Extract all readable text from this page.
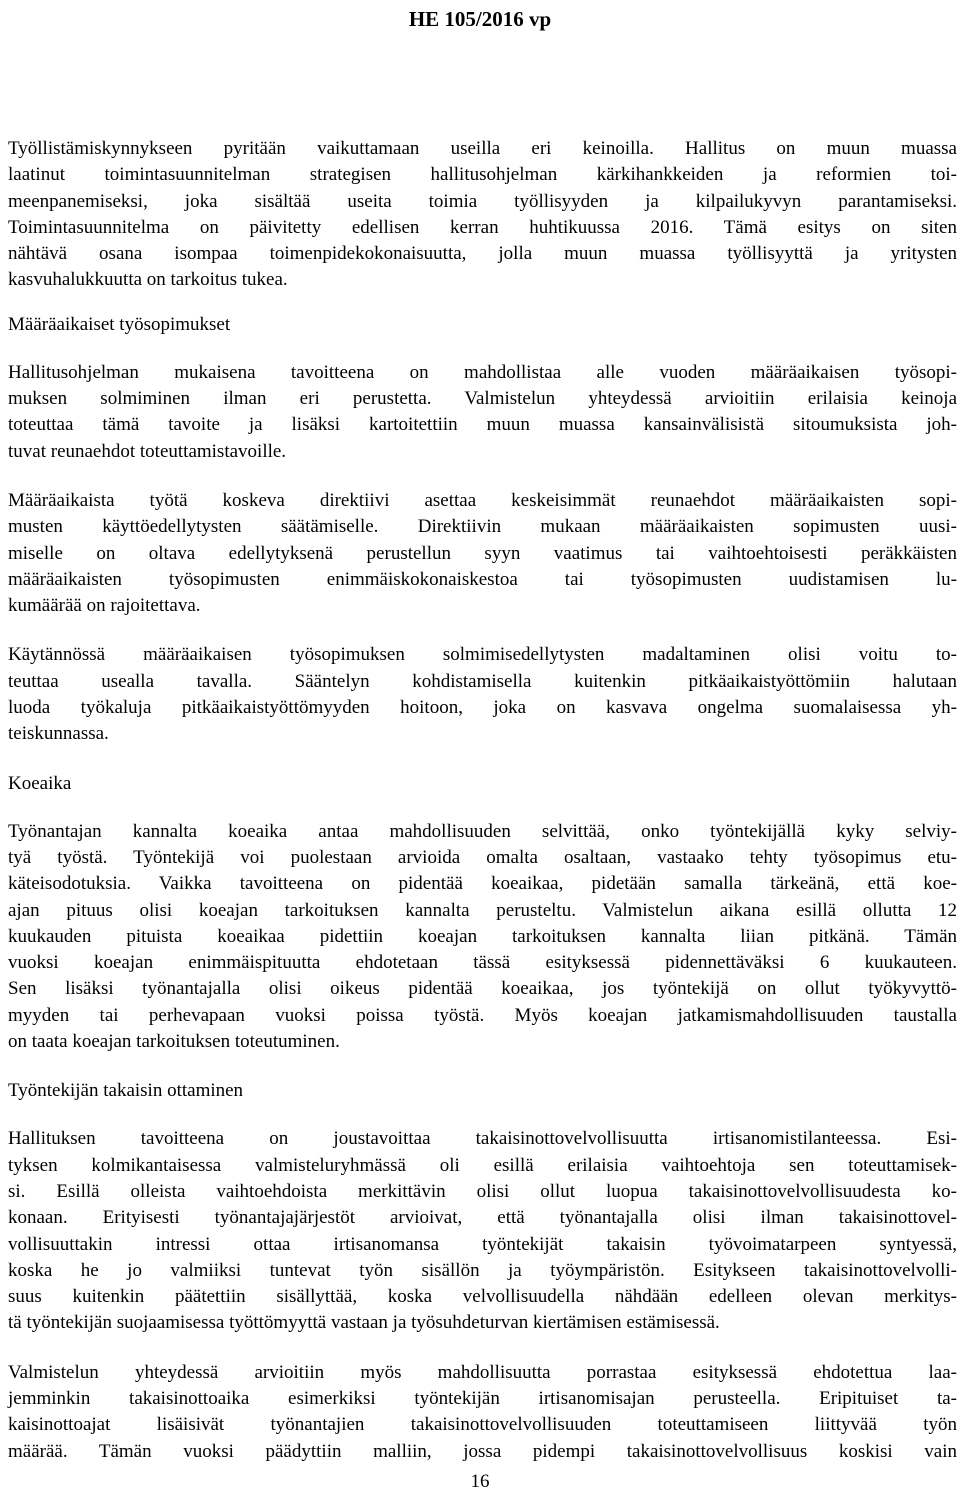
HE 105/2016 vp
Työllistämiskynnykseen pyritään vaikuttamaan useilla eri keinoilla. Hallitus on muun muassa
laatinut toimintasuunnitelman strategisen hallitusohjelman kärkihankkeiden ja reformien toi-
meenpanemiseksi, joka sisältää useita toimia työllisyyden ja kilpailukyvyn parantamiseksi.
Toimintasuunnitelma on päivitetty edellisen kerran huhtikuussa 2016. Tämä esitys on siten
nähtävä osana isompaa toimenpidekokonaisuutta, jolla muun muassa työllisyyttä ja yritysten
kasvuhalukkuutta on tarkoitus tukea.
Määräaikaiset työsopimukset
Hallitusohjelman mukaisena tavoitteena on mahdollistaa alle vuoden määräaikaisen työsopi-
muksen solmiminen ilman eri perustetta. Valmistelun yhteydessä arvioitiin erilaisia keinoja
toteuttaa tämä tavoite ja lisäksi kartoitettiin muun muassa kansainvälisistä sitoumuksista joh-
tuvat reunaehdot toteuttamistavoille.
Määräaikaista työtä koskeva direktiivi asettaa keskeisimmät reunaehdot määräaikaisten sopi-
musten käyttöedellytysten säätämiselle. Direktiivin mukaan määräaikaisten sopimusten uusi-
miselle on oltava edellytyksenä perustellun syyn vaatimus tai vaihtoehtoisesti peräkkäisten
määräaikaisten työsopimusten enimmäiskokonaiskestoa tai työsopimusten uudistamisen lu-
kumäärää on rajoitettava.
Käytännössä määräaikaisen työsopimuksen solmimisedellytysten madaltaminen olisi voitu to-
teuttaa usealla tavalla. Sääntelyn kohdistamisella kuitenkin pitkäaikaistyöttömiin halutaan
luoda työkaluja pitkäaikaistyöttömyyden hoitoon, joka on kasvava ongelma suomalaisessa yh-
teiskunnassa.
Koeaika
Työnantajan kannalta koeaika antaa mahdollisuuden selvittää, onko työntekijällä kyky selviy-
tyä työstä. Työntekijä voi puolestaan arvioida omalta osaltaan, vastaako tehty työsopimus etu-
käteisodotuksia. Vaikka tavoitteena on pidentää koeaikaa, pidetään samalla tärkeänä, että koe-
ajan pituus olisi koeajan tarkoituksen kannalta perusteltu. Valmistelun aikana esillä ollutta 12
kuukauden pituista koeaikaa pidettiin koeajan tarkoituksen kannalta liian pitkänä. Tämän
vuoksi koeajan enimmäispituutta ehdotetaan tässä esityksessä pidennettäväksi 6 kuukauteen.
Sen lisäksi työnantajalla olisi oikeus pidentää koeaikaa, jos työntekijä on ollut työkyvyttö-
myyden tai perhevapaan vuoksi poissa työstä. Myös koeajan jatkamismahdollisuuden taustalla
on taata koeajan tarkoituksen toteutuminen.
Työntekijän takaisin ottaminen
Hallituksen tavoitteena on joustavoittaa takaisinottovelvollisuutta irtisanomistilanteessa. Esi-
tyksen kolmikantaisessa valmisteluryhmässä oli esillä erilaisia vaihtoehtoja sen toteuttamisek-
si. Esillä olleista vaihtoehdoista merkittävin olisi ollut luopua takaisinottovelvollisuudesta ko-
konaan. Erityisesti työnantajajärjestöt arvioivat, että työnantajalla olisi ilman takaisinottovel-
vollisuuttakin intressi ottaa irtisanomansa työntekijät takaisin työvoimatarpeen syntyessä,
koska he jo valmiiksi tuntevat työn sisällön ja työympäristön. Esitykseen takaisinottovelvolli-
suus kuitenkin päätettiin sisällyttää, koska velvollisuudella nähdään edelleen olevan merkitys-
tä työntekijän suojaamisessa työttömyyttä vastaan ja työsuhdeturvan kiertämisen estämisessä.
Valmistelun yhteydessä arvioitiin myös mahdollisuutta porrastaa esityksessä ehdotettua laa-
jemminkin takaisinottoaika esimerkiksi työntekijän irtisanomisajan perusteella. Eripituiset ta-
kaisinottoajat lisäisivät työnantajien takaisinottovelvollisuuden toteuttamiseen liittyvää työn
määrää. Tämän vuoksi päädyttiin malliin, jossa pidempi takaisinottovelvollisuus koskisi vain
16
